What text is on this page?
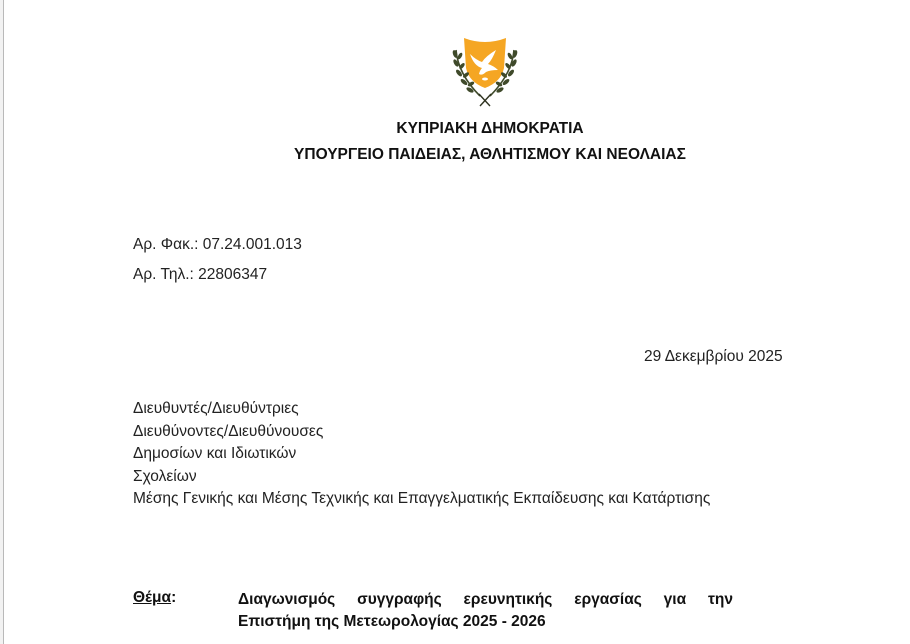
ΚΥΠΡΙΑΚΗ ΔΗΜΟΚΡΑΤΙΑ
ΥΠΟΥΡΓΕΙΟ ΠΑΙΔΕΙΑΣ, ΑΘΛΗΤΙΣΜΟΥ ΚΑΙ ΝΕΟΛΑΙΑΣ
Αρ. Φακ.: 07.24.001.013
Αρ. Τηλ.: 22806347
29 Δεκεμβρίου 2025
Διευθυντές/Διευθύντριες
Διευθύνοντες/Διευθύνουσες
Δημοσίων και Ιδιωτικών
Σχολείων
Μέσης Γενικής και Μέσης Τεχνικής και Επαγγελματικής Εκπαίδευσης και Κατάρτισης
Θέμα:	Διαγωνισμός συγγραφής ερευνητικής εργασίας για την
Επιστήμη της Μετεωρολογίας 2025 - 2026
